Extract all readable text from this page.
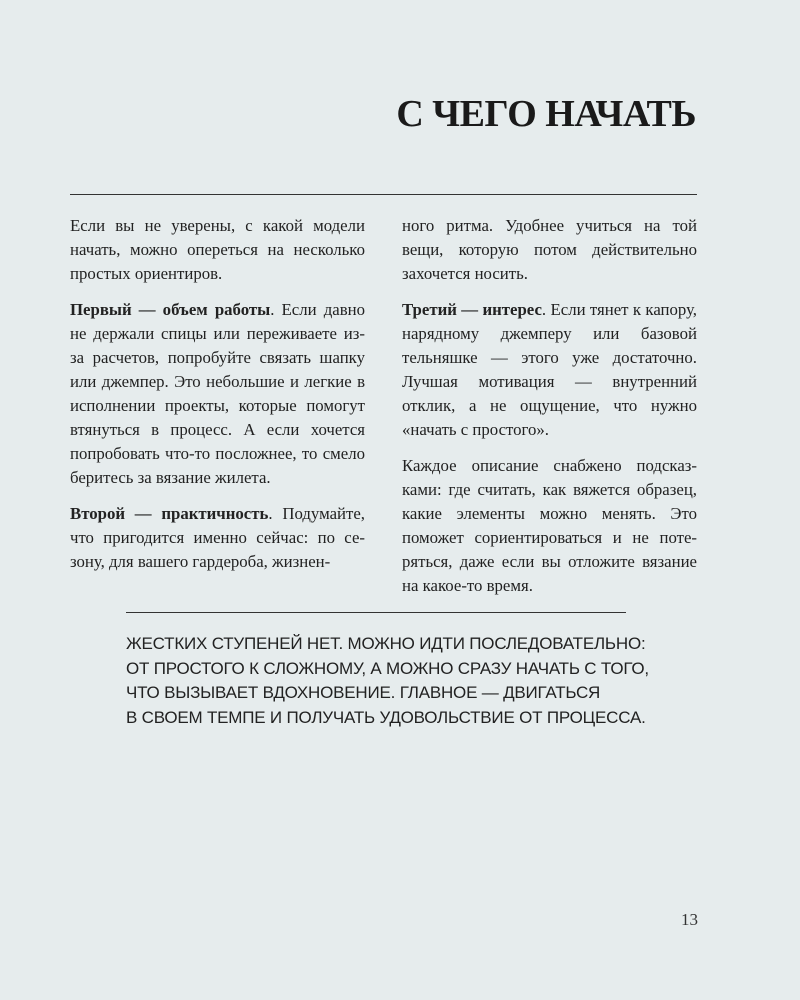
С ЧЕГО НАЧАТЬ

Если вы не уверены, с какой модели начать, можно опереться на несколько простых ориентиров.

Первый — объем работы. Если давно не держали спицы или переживаете из-за расчетов, попробуйте связать шапку или джемпер. Это небольшие и легкие в исполнении проекты, которые помогут втянуться в процесс. А если хочется попробовать что-то посложнее, то смело беритесь за вязание жилета.

Второй — практичность. Подумайте, что пригодится именно сейчас: по сезону, для вашего гардероба, жизнен-

ного ритма. Удобнее учиться на той вещи, которую потом действительно захочется носить.

Третий — интерес. Если тянет к капору, нарядному джемперу или базовой тельняшке — этого уже достаточно. Лучшая мотивация — внутренний отклик, а не ощущение, что нужно «начать с простого».

Каждое описание снабжено подсказками: где считать, как вяжется образец, какие элементы можно менять. Это поможет сориентироваться и не потеряться, даже если вы отложите вязание на какое-то время.

ЖЕСТКИХ СТУПЕНЕЙ НЕТ. МОЖНО ИДТИ ПОСЛЕДОВАТЕЛЬНО:
ОТ ПРОСТОГО К СЛОЖНОМУ, А МОЖНО СРАЗУ НАЧАТЬ С ТОГО,
ЧТО ВЫЗЫВАЕТ ВДОХНОВЕНИЕ. ГЛАВНОЕ — ДВИГАТЬСЯ
В СВОЕМ ТЕМПЕ И ПОЛУЧАТЬ УДОВОЛЬСТВИЕ ОТ ПРОЦЕССА.
13
